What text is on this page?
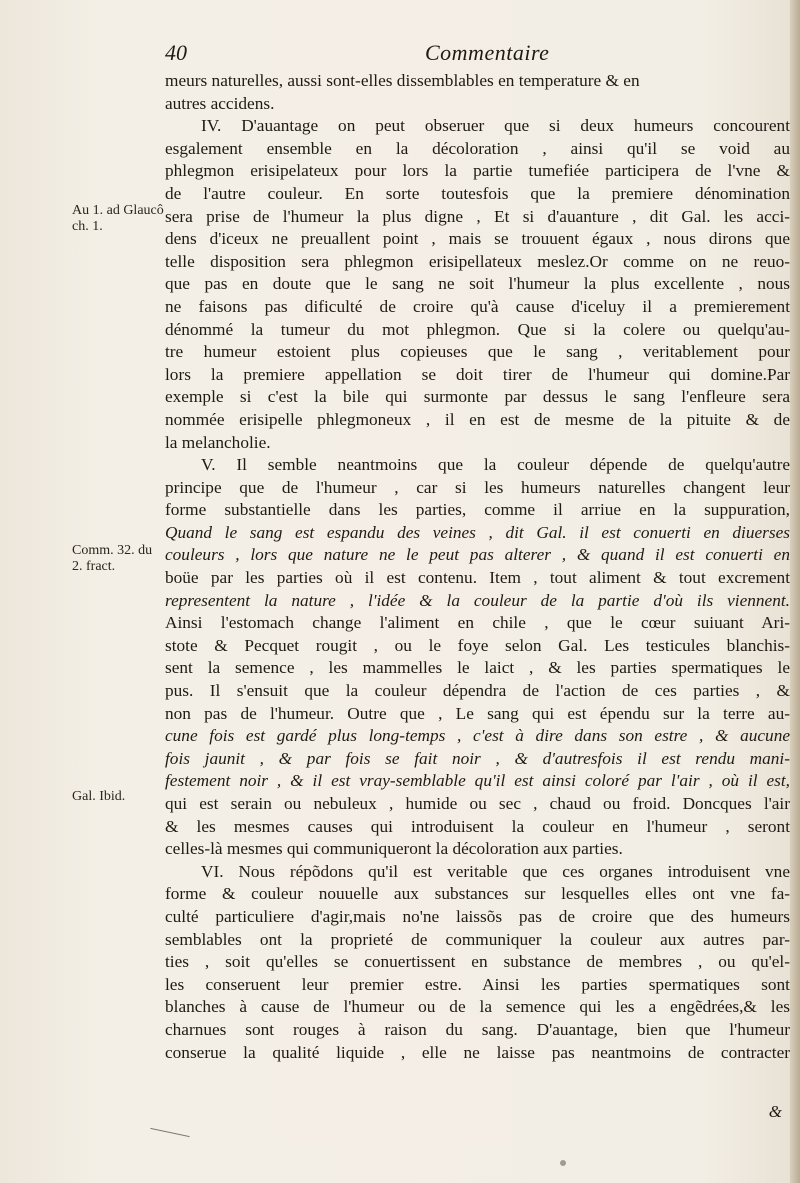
40	Commentaire
Au 1. ad Glaucô ch. 1.
Comm. 32. du 2. fract.
Gal. Ibid.
meurs naturelles, aussi sont-elles dissemblables en temperature & en
autres accidens.
IV. D'auantage on peut obseruer que si deux humeurs concourent
esgalement ensemble en la décoloration , ainsi qu'il se void au
phlegmon erisipelateux pour lors la partie tumefiée participera de l'vne &
de l'autre couleur. En sorte toutesfois que la premiere dénomination
sera prise de l'humeur la plus digne , Et si d'auanture , dit Gal. les acci-
dens d'iceux ne preuallent point , mais se trouuent égaux , nous dirons que
telle disposition sera phlegmon erisipellateux meslez.Or comme on ne reuo-
que pas en doute que le sang ne soit l'humeur la plus excellente , nous
ne faisons pas dificulté de croire qu'à cause d'iceluy il a premierement
dénommé la tumeur du mot phlegmon. Que si la colere ou quelqu'au-
tre humeur estoient plus copieuses que le sang , veritablement pour
lors la premiere appellation se doit tirer de l'humeur qui domine.Par
exemple si c'est la bile qui surmonte par dessus le sang l'enfleure sera
nommée erisipelle phlegmoneux , il en est de mesme de la pituite & de
la melancholie.
V. Il semble neantmoins que la couleur dépende de quelqu'autre
principe que de l'humeur , car si les humeurs naturelles changent leur
forme substantielle dans les parties, comme il arriue en la suppuration,
Quand le sang est espandu des veines , dit Gal. il est conuerti en diuerses
couleurs , lors que nature ne le peut pas alterer , & quand il est conuerti en
boüe par les parties où il est contenu. Item , tout aliment & tout excrement
representent la nature , l'idée & la couleur de la partie d'où ils viennent.
Ainsi l'estomach change l'aliment en chile , que le cœur suiuant Ari-
stote & Pecquet rougit , ou le foye selon Gal. Les testicules blanchis-
sent la semence , les mammelles le laict , & les parties spermatiques le
pus. Il s'ensuit que la couleur dépendra de l'action de ces parties , &
non pas de l'humeur. Outre que , Le sang qui est épendu sur la terre au-
cune fois est gardé plus long-temps , c'est à dire dans son estre , & aucune
fois jaunit , & par fois se fait noir , & d'autresfois il est rendu mani-
festement noir , & il est vray-semblable qu'il est ainsi coloré par l'air , où il est,
qui est serain ou nebuleux , humide ou sec , chaud ou froid. Doncques l'air
& les mesmes causes qui introduisent la couleur en l'humeur , seront
celles-là mesmes qui communiqueront la décoloration aux parties.
VI. Nous répõdons qu'il est veritable que ces organes introduisent vne
forme & couleur nouuelle aux substances sur lesquelles elles ont vne fa-
culté particuliere d'agir,mais no'ne laissõs pas de croire que des humeurs
semblables ont la proprieté de communiquer la couleur aux autres par-
ties , soit qu'elles se conuertissent en substance de membres , ou qu'el-
les conseruent leur premier estre. Ainsi les parties spermatiques sont
blanches à cause de l'humeur ou de la semence qui les a engẽdrées,& les
charnues sont rouges à raison du sang. D'auantage, bien que l'humeur
conserue la qualité liquide , elle ne laisse pas neantmoins de contracter
&
